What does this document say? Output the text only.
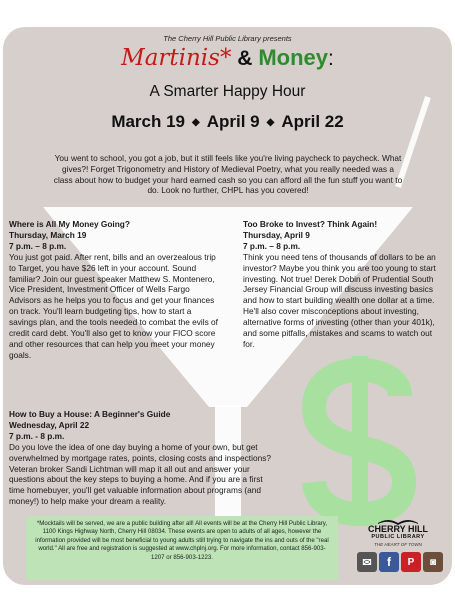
The Cherry Hill Public Library presents
Martinis* & Money:
A Smarter Happy Hour
March 19 ◆ April 9 ◆ April 22

You went to school, you got a job, but it still feels like you're living paycheck to paycheck. What gives?! Forget Trigonometry and History of Medieval Poetry, what you really needed was a class about how to budget your hard earned cash so you can afford all the fun stuff you want to do. Look no further, CHPL has you covered!

Where is All My Money Going?
Thursday, March 19
7 p.m. – 8 p.m.

You just got paid. After rent, bills and an overzealous trip to Target, you have $26 left in your account. Sound familiar? Join our guest speaker Matthew S. Montenero, Vice President, Investment Officer of Wells Fargo Advisors as he helps you to focus and get your finances on track. You'll learn budgeting tips, how to start a savings plan, and the tools needed to combat the evils of credit card debt. You'll also get to know your FICO score and other resources that can help you meet your money goals.

Too Broke to Invest? Think Again!
Thursday, April 9
7 p.m. – 8 p.m.

Think you need tens of thousands of dollars to be an investor? Maybe you think you are too young to start investing. Not true! Derek Dobin of Prudential South Jersey Financial Group will discuss investing basics and how to start building wealth one dollar at a time. He'll also cover misconceptions about investing, alternative forms of investing (other than your 401k), and some pitfalls, mistakes and scams to watch out for.

How to Buy a House: A Beginner's Guide
Wednesday, April 22
7 p.m. - 8 p.m.

Do you love the idea of one day buying a home of your own, but get overwhelmed by mortgage rates, points, closing costs and inspections? Veteran broker Sandi Lichtman will map it all out and answer your questions about the key steps to buying a home. And if you are a first time homebuyer, you'll get valuable information about programs (and money!) to help make your dream a reality.

*Mocktails will be served, we are a public building after all! All events will be at the Cherry Hill Public Library, 1100 Kings Highway North, Cherry Hill 08034. These events are open to adults of all ages, however the information provided will be most beneficial to young adults still trying to navigate the ins and outs of the "real world." All are free and registration is suggested at www.chplnj.org. For more information, contact 856-903-1207 or 856-903-1223.

CHERRY HILL
PUBLIC LIBRARY
THE HEART OF TOWN
✉	f	P	◙
